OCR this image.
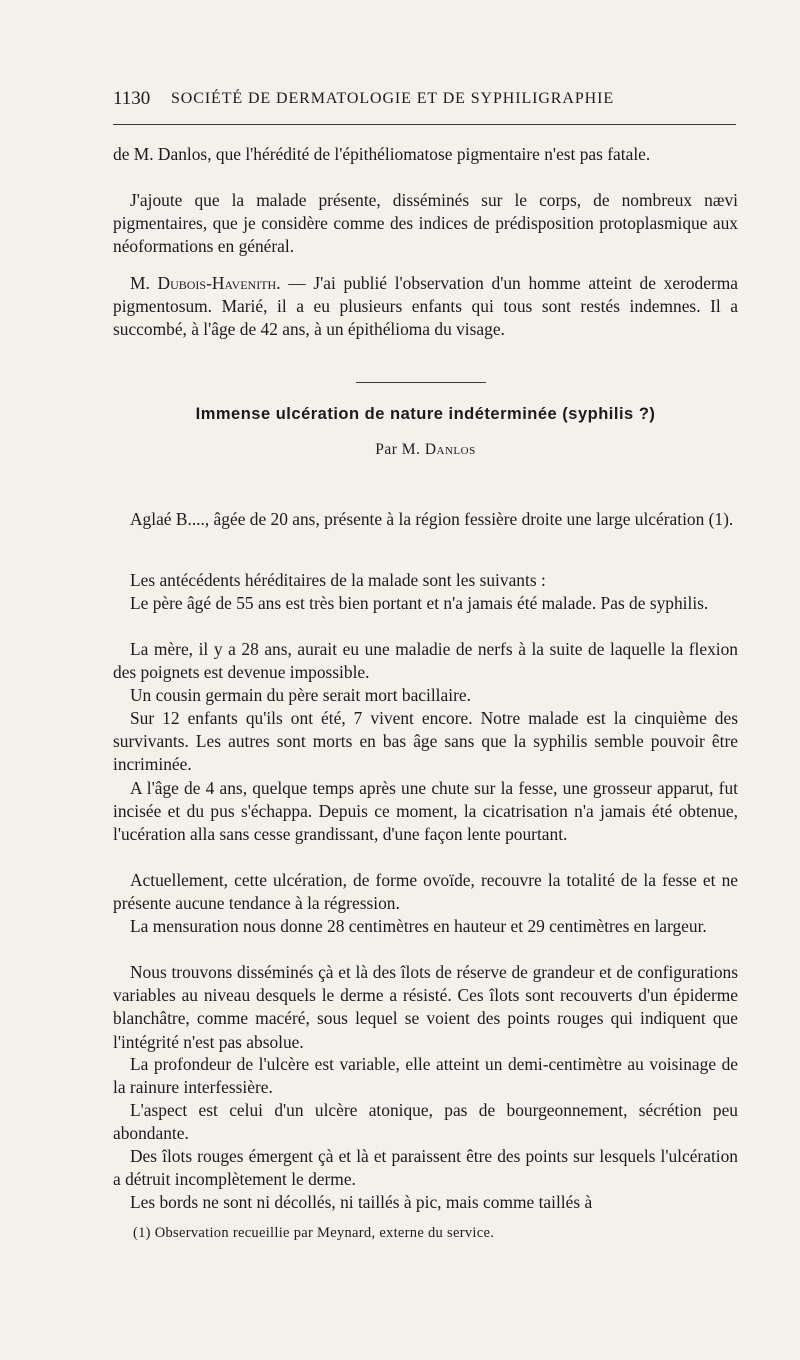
1130 SOCIÉTÉ DE DERMATOLOGIE ET DE SYPHILIGRAPHIE

de M. Danlos, que l'hérédité de l'épithéliomatose pigmentaire n'est pas fatale.

J'ajoute que la malade présente, disséminés sur le corps, de nombreux nævi pigmentaires, que je considère comme des indices de prédisposition protoplasmique aux néoformations en général.

M. Dubois-Havenith. — J'ai publié l'observation d'un homme atteint de xeroderma pigmentosum. Marié, il a eu plusieurs enfants qui tous sont restés indemnes. Il a succombé, à l'âge de 42 ans, à un épithélioma du visage.

Immense ulcération de nature indéterminée (syphilis ?)
Par M. Danlos

Aglaé B...., âgée de 20 ans, présente à la région fessière droite une large ulcération (1).

Les antécédents héréditaires de la malade sont les suivants :

Le père âgé de 55 ans est très bien portant et n'a jamais été malade. Pas de syphilis.

La mère, il y a 28 ans, aurait eu une maladie de nerfs à la suite de laquelle la flexion des poignets est devenue impossible.

Un cousin germain du père serait mort bacillaire.

Sur 12 enfants qu'ils ont été, 7 vivent encore. Notre malade est la cinquième des survivants. Les autres sont morts en bas âge sans que la syphilis semble pouvoir être incriminée.

A l'âge de 4 ans, quelque temps après une chute sur la fesse, une grosseur apparut, fut incisée et du pus s'échappa. Depuis ce moment, la cicatrisation n'a jamais été obtenue, l'ucération alla sans cesse grandissant, d'une façon lente pourtant.

Actuellement, cette ulcération, de forme ovoïde, recouvre la totalité de la fesse et ne présente aucune tendance à la régression.

La mensuration nous donne 28 centimètres en hauteur et 29 centimètres en largeur.

Nous trouvons disséminés çà et là des îlots de réserve de grandeur et de configurations variables au niveau desquels le derme a résisté. Ces îlots sont recouverts d'un épiderme blanchâtre, comme macéré, sous lequel se voient des points rouges qui indiquent que l'intégrité n'est pas absolue.

La profondeur de l'ulcère est variable, elle atteint un demi-centimètre au voisinage de la rainure interfessière.

L'aspect est celui d'un ulcère atonique, pas de bourgeonnement, sécrétion peu abondante.

Des îlots rouges émergent çà et là et paraissent être des points sur lesquels l'ulcération a détruit incomplètement le derme.

Les bords ne sont ni décollés, ni taillés à pic, mais comme taillés à

(1) Observation recueillie par Meynard, externe du service.
